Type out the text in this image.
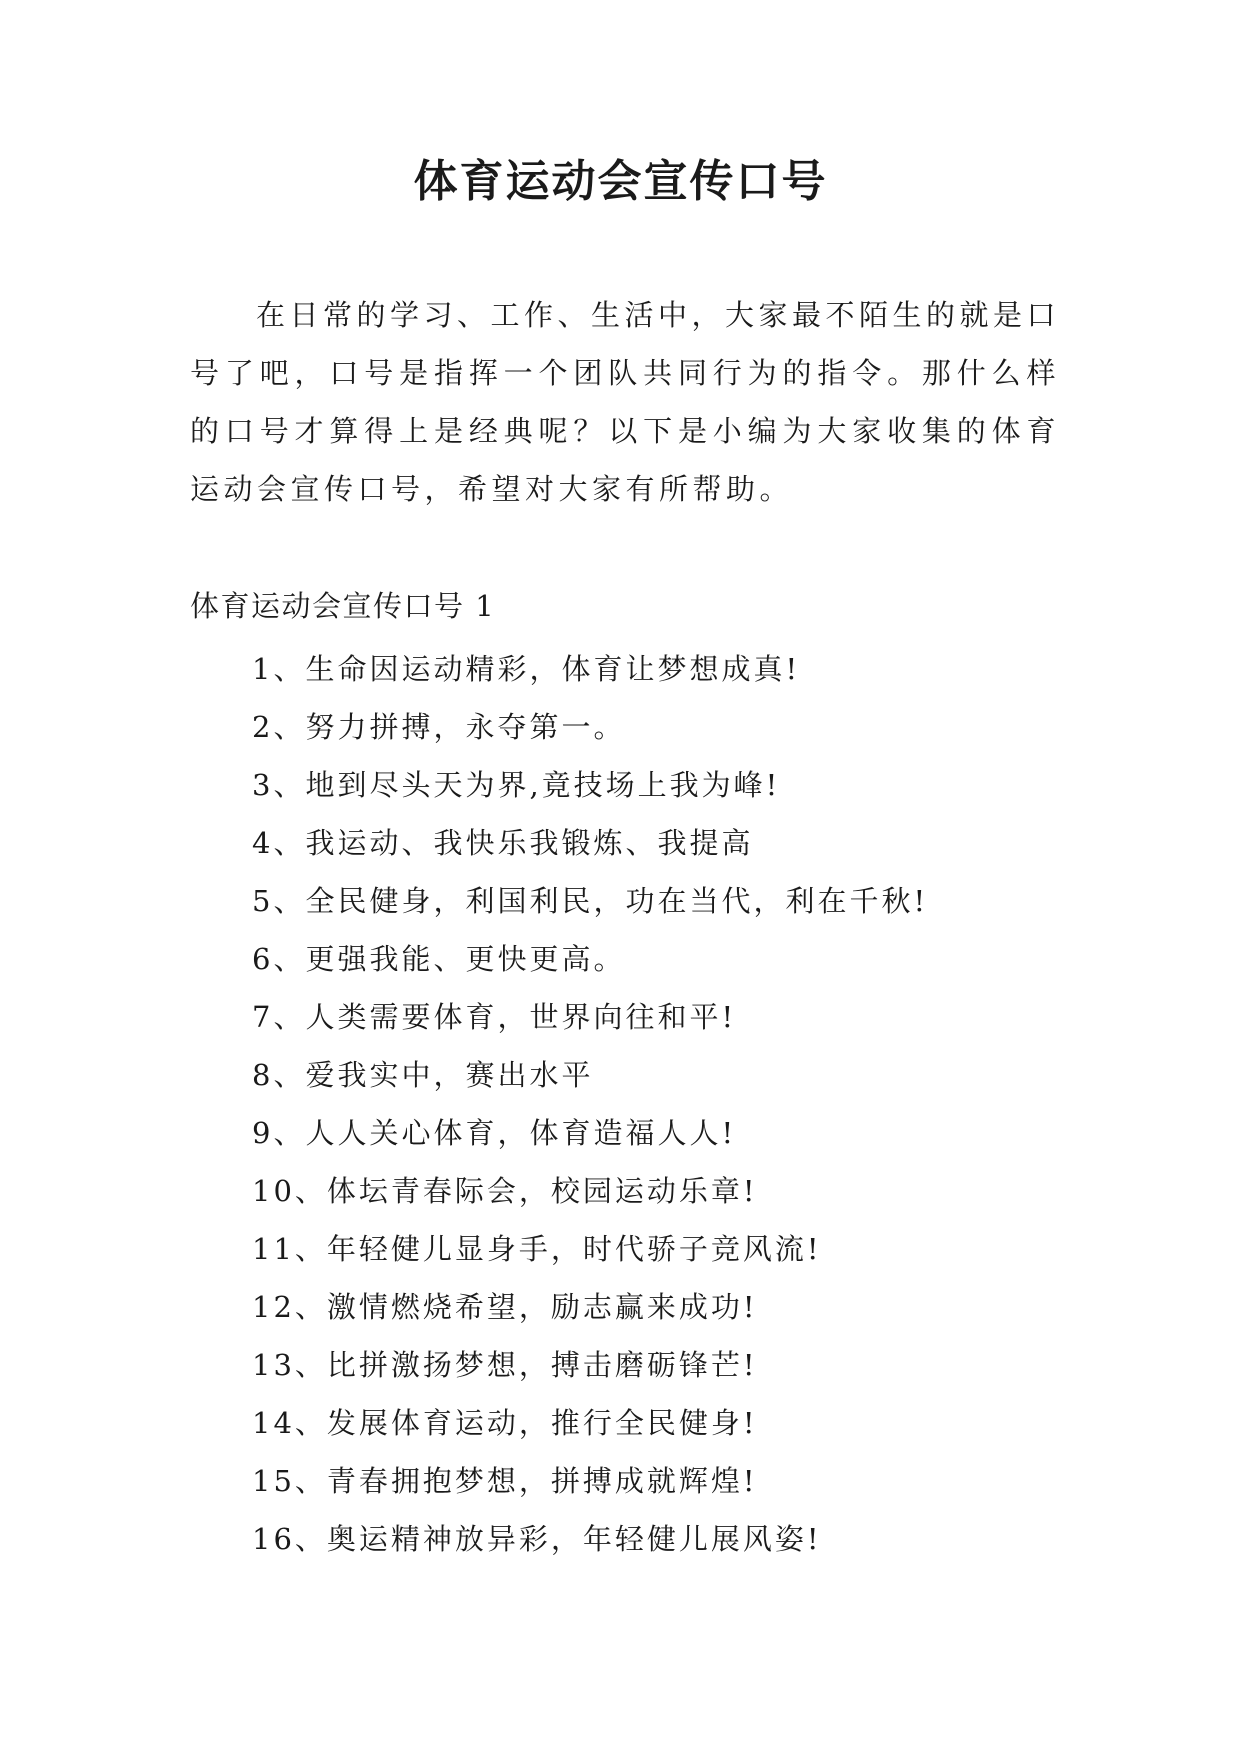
体育运动会宣传口号

在日常的学习、工作、生活中，大家最不陌生的就是口号了吧，口号是指挥一个团队共同行为的指令。那什么样的口号才算得上是经典呢？以下是小编为大家收集的体育运动会宣传口号，希望对大家有所帮助。

体育运动会宣传口号 1
1、生命因运动精彩，体育让梦想成真!
2、努力拼搏，永夺第一。
3、地到尽头天为界,竟技场上我为峰!
4、我运动、我快乐我锻炼、我提高
5、全民健身，利国利民，功在当代，利在千秋!
6、更强我能、更快更高。
7、人类需要体育，世界向往和平!
8、爱我实中，赛出水平
9、人人关心体育，体育造福人人!
10、体坛青春际会，校园运动乐章!
11、年轻健儿显身手，时代骄子竞风流!
12、激情燃烧希望，励志赢来成功!
13、比拼激扬梦想，搏击磨砺锋芒!
14、发展体育运动，推行全民健身!
15、青春拥抱梦想，拼搏成就辉煌!
16、奥运精神放异彩，年轻健儿展风姿!
